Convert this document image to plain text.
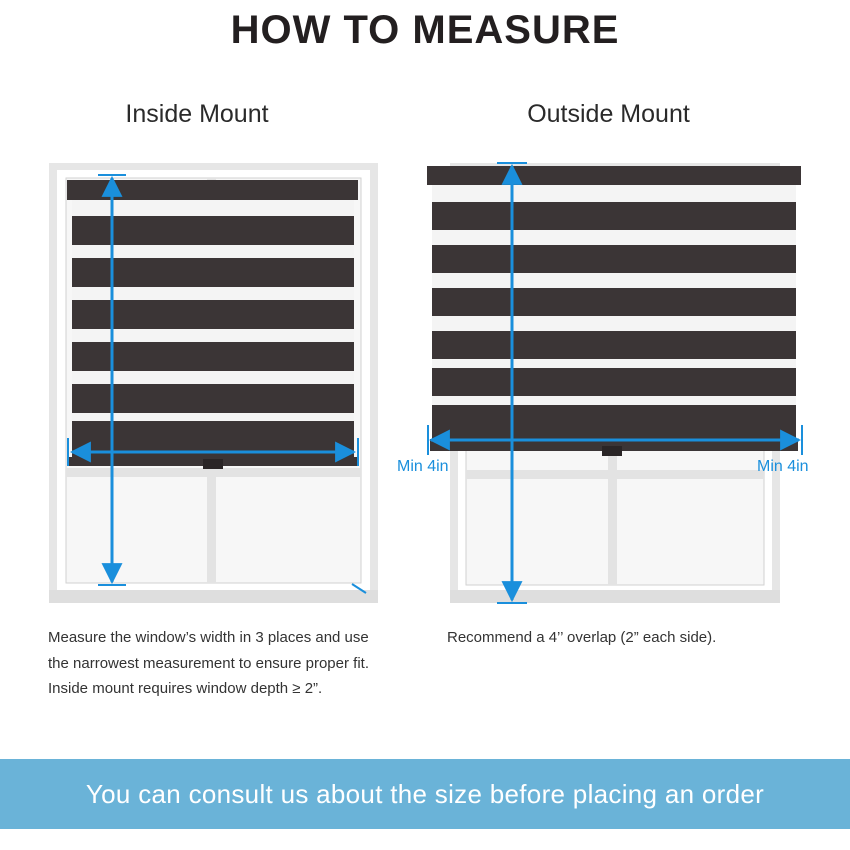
HOW TO MEASURE
Inside Mount	Outside Mount
Min 4in	Min 4in

Measure the window’s width in 3 places and use the narrowest measurement to ensure proper fit. Inside mount requires window depth ≥ 2”.

Recommend a 4’’ overlap (2” each side).

You can consult us about the size before placing an order
